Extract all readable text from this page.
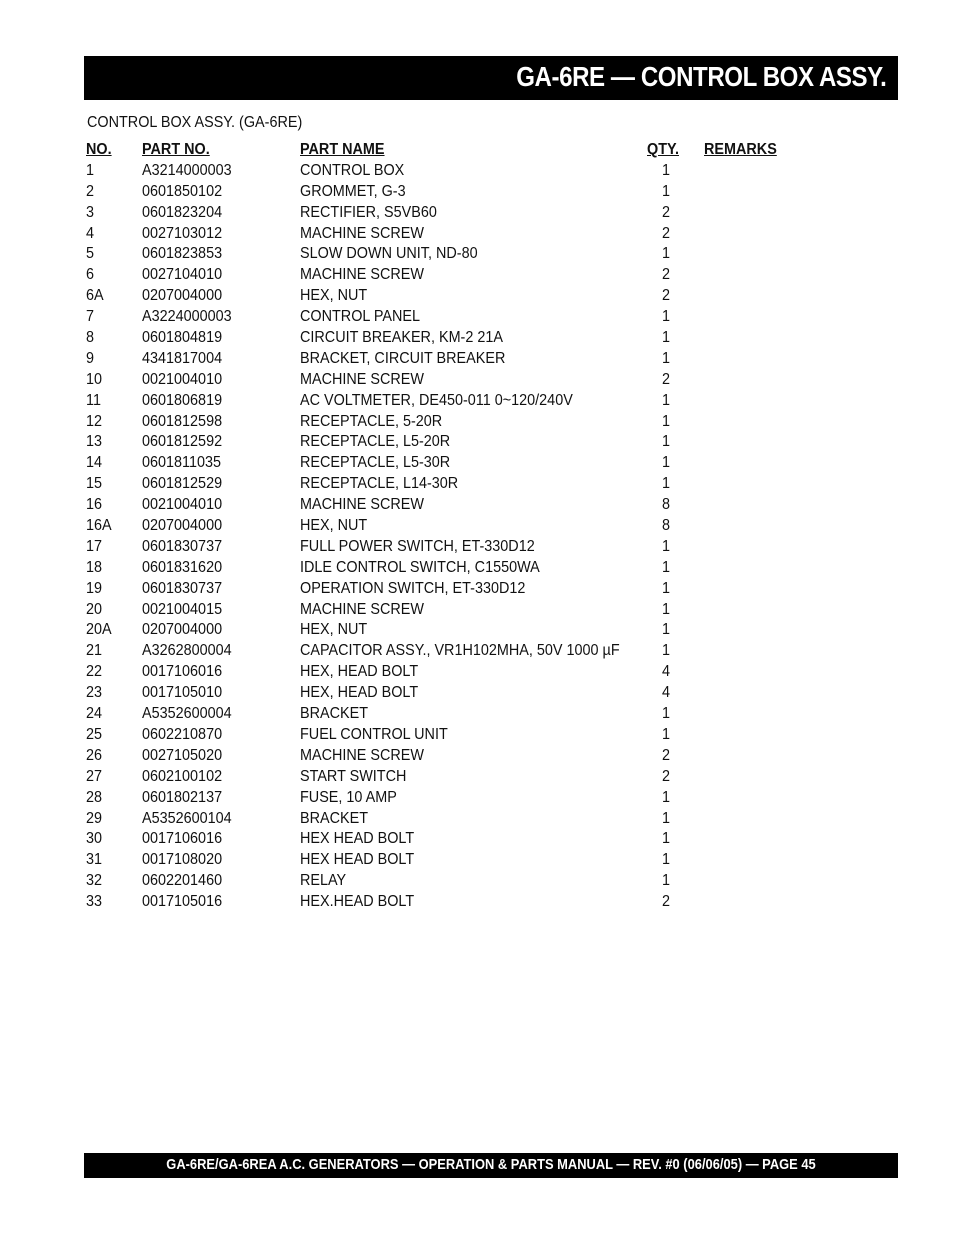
GA-6RE — CONTROL BOX ASSY.
CONTROL BOX ASSY. (GA-6RE)
NO. PART NO.	PART NAME	QTY. REMARKS
1	A3214000003	CONTROL BOX	1
2	0601850102	GROMMET, G-3	1
3	0601823204	RECTIFIER, S5VB60	2
4	0027103012	MACHINE SCREW	2
5	0601823853	SLOW DOWN UNIT, ND-80	1
6	0027104010	MACHINE SCREW	2
6A 0207004000	HEX, NUT	2
7	A3224000003	CONTROL PANEL	1
8	0601804819	CIRCUIT BREAKER, KM-2 21A	1
9	4341817004	BRACKET, CIRCUIT BREAKER	1
10 0021004010	MACHINE SCREW	2
11	0601806819	AC VOLTMETER, DE450-011 0~120/240V	1
12 0601812598	RECEPTACLE, 5-20R	1
13 0601812592	RECEPTACLE, L5-20R	1
14 0601811035	RECEPTACLE, L5-30R	1
15 0601812529	RECEPTACLE, L14-30R	1
16 0021004010	MACHINE SCREW	8
16A 0207004000	HEX, NUT	8
17 0601830737	FULL POWER SWITCH, ET-330D12	1
18 0601831620	IDLE CONTROL SWITCH, C1550WA	1
19 0601830737	OPERATION SWITCH, ET-330D12	1
20 0021004015	MACHINE SCREW	1
20A 0207004000	HEX, NUT	1
21 A3262800004	CAPACITOR ASSY., VR1H102MHA, 50V 1000 µF	1
22 0017106016	HEX, HEAD BOLT	4
23 0017105010	HEX, HEAD BOLT	4
24 A5352600004	BRACKET	1
25 0602210870	FUEL CONTROL UNIT	1
26 0027105020	MACHINE SCREW	2
27 0602100102	START SWITCH	2
28 0601802137	FUSE, 10 AMP	1
29 A5352600104	BRACKET	1
30 0017106016	HEX HEAD BOLT	1
31 0017108020	HEX HEAD BOLT	1
32 0602201460	RELAY	1
33 0017105016	HEX.HEAD BOLT	2
GA-6RE/GA-6REA A.C. GENERATORS — OPERATION & PARTS MANUAL — REV. #0 (06/06/05) — PAGE 45
